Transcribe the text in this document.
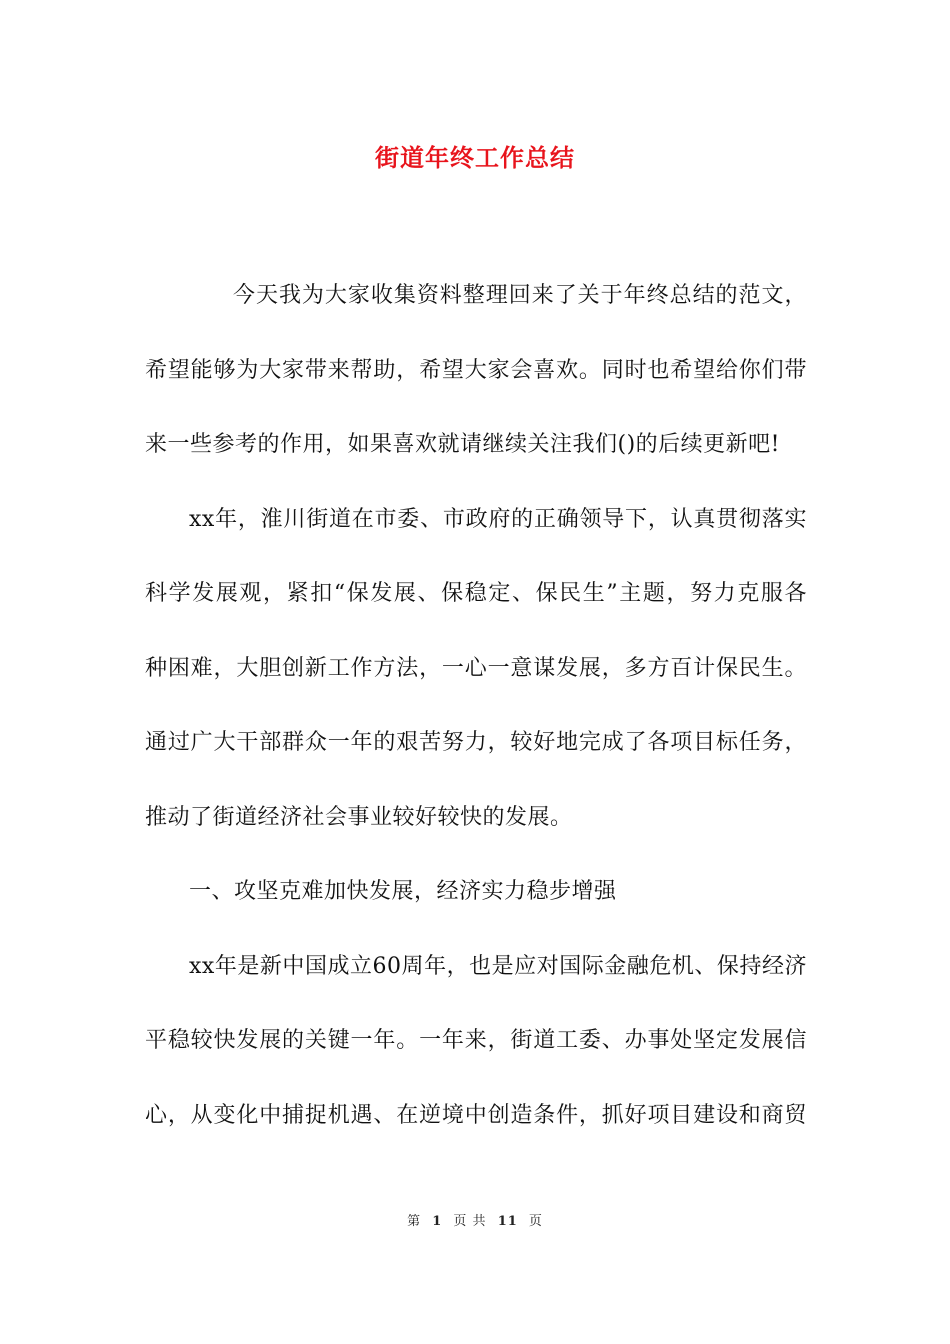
街道年终工作总结
今天我为大家收集资料整理回来了关于年终总结的范文，
希望能够为大家带来帮助，希望大家会喜欢。同时也希望给你们带
来一些参考的作用，如果喜欢就请继续关注我们()的后续更新吧!
xx年，淮川街道在市委、市政府的正确领导下，认真贯彻落实
科学发展观，紧扣“保发展、保稳定、保民生”主题，努力克服各
种困难，大胆创新工作方法，一心一意谋发展，多方百计保民生。
通过广大干部群众一年的艰苦努力，较好地完成了各项目标任务，
推动了街道经济社会事业较好较快的发展。
一、攻坚克难加快发展，经济实力稳步增强
xx年是新中国成立60周年，也是应对国际金融危机、保持经济
平稳较快发展的关键一年。一年来，街道工委、办事处坚定发展信
心，从变化中捕捉机遇、在逆境中创造条件，抓好项目建设和商贸
第 1 页 共 11 页
